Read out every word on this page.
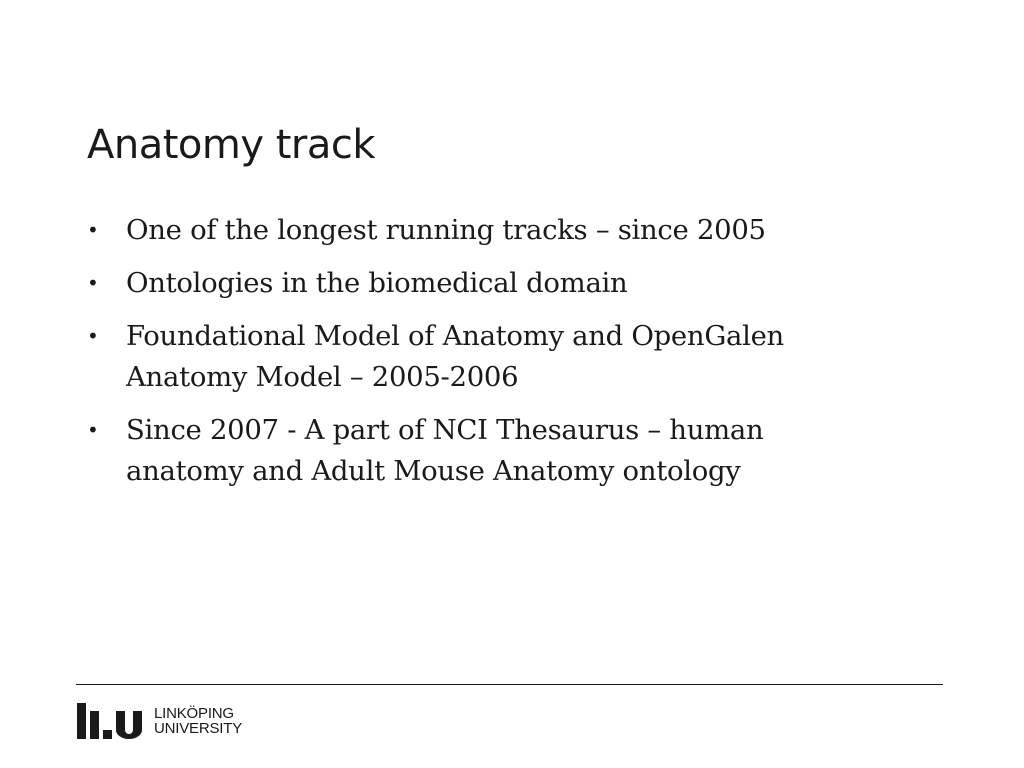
Anatomy track
• One of the longest running tracks – since 2005
• Ontologies in the biomedical domain
• Foundational Model of Anatomy and OpenGalen Anatomy Model – 2005-2006
• Since 2007 - A part of NCI Thesaurus – human anatomy and Adult Mouse Anatomy ontology
LINKÖPING
UNIVERSITY
